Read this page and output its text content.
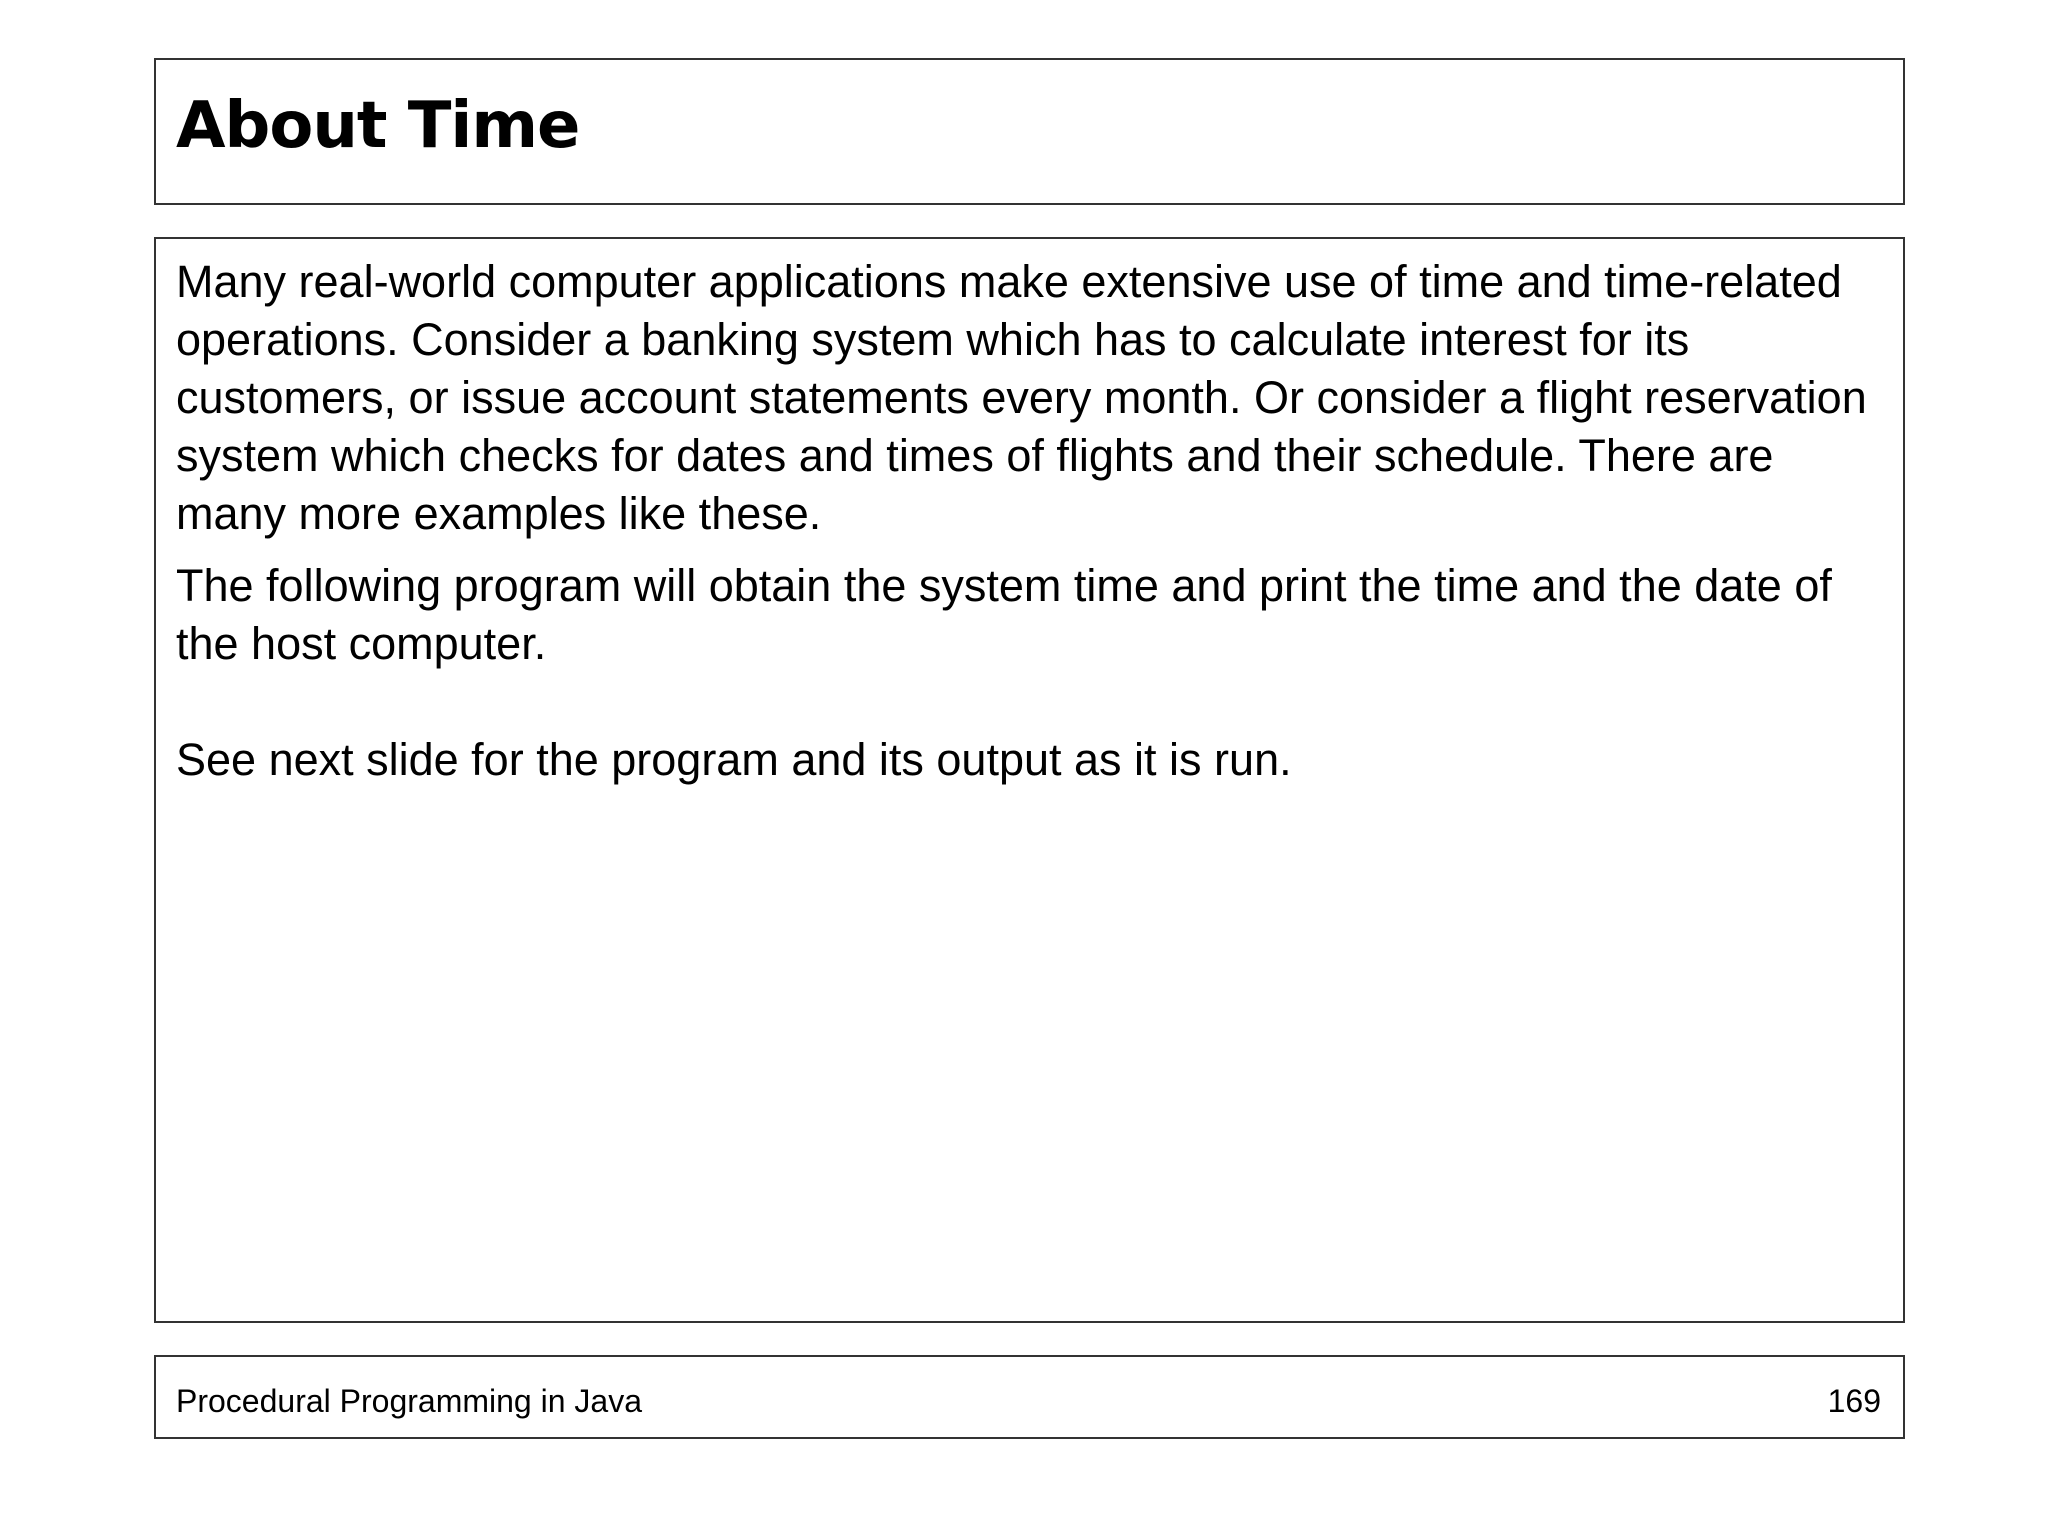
About Time

Many real-world computer applications make extensive use of time and time-related operations. Consider a banking system which has to calculate interest for its customers, or issue account statements every month. Or consider a flight reservation system which checks for dates and times of flights and their schedule. There are many more examples like these.

The following program will obtain the system time and print the time and the date of the host computer.

See next slide for the program and its output as it is run.

Procedural Programming in Java	169
